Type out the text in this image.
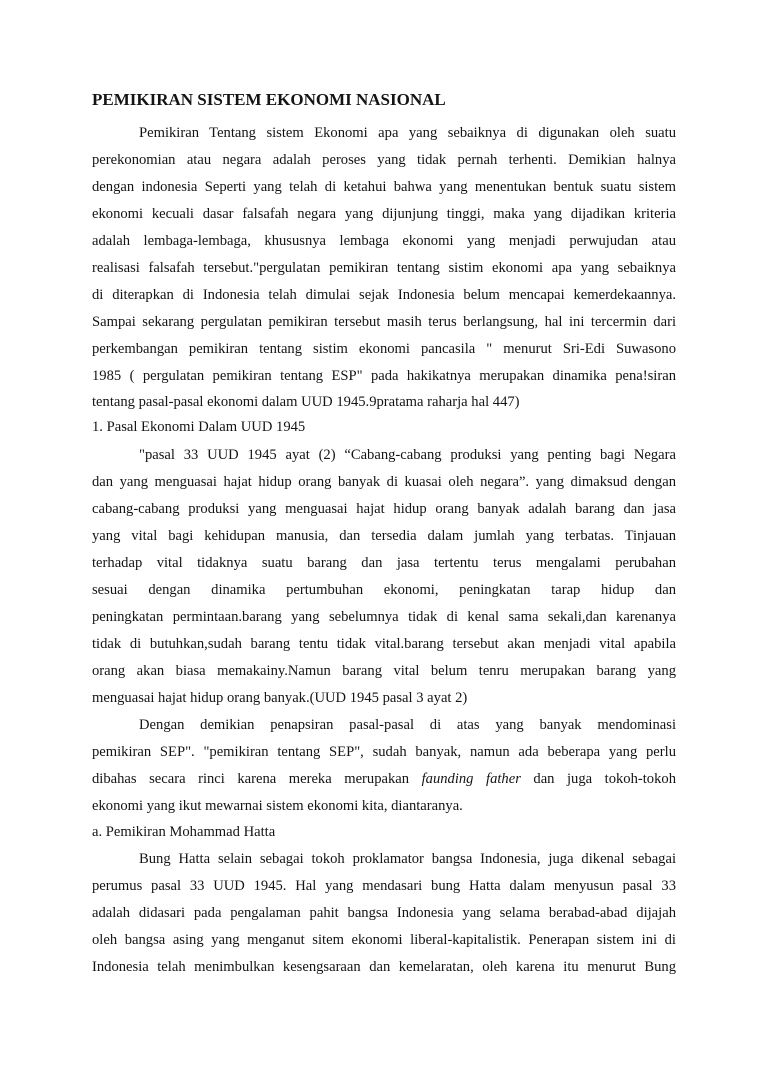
PEMIKIRAN SISTEM EKONOMI NASIONAL
Pemikiran Tentang sistem Ekonomi apa yang sebaiknya di digunakan oleh suatu
perekonomian atau negara adalah peroses yang tidak pernah terhenti. Demikian halnya
dengan indonesia Seperti yang telah di ketahui bahwa yang menentukan bentuk suatu sistem
ekonomi kecuali dasar falsafah negara yang dijunjung tinggi, maka yang dijadikan kriteria
adalah lembaga-lembaga, khususnya lembaga ekonomi yang menjadi perwujudan atau
realisasi falsafah tersebut."pergulatan pemikiran tentang sistim ekonomi apa yang sebaiknya
di diterapkan di Indonesia telah dimulai sejak Indonesia belum mencapai kemerdekaannya.
Sampai sekarang pergulatan pemikiran tersebut masih terus berlangsung, hal ini tercermin dari
perkembangan pemikiran tentang sistim ekonomi pancasila " menurut Sri-Edi Suwasono
1985 ( pergulatan pemikiran tentang ESP" pada hakikatnya merupakan dinamika pena!siran
tentang pasal-pasal ekonomi dalam UUD 1945.9pratama raharja hal 447)
1. Pasal Ekonomi Dalam UUD 1945
"pasal 33 UUD 1945 ayat (2) “Cabang-cabang produksi yang penting bagi Negara
dan yang menguasai hajat hidup orang banyak di kuasai oleh negara”. yang dimaksud dengan
cabang-cabang produksi yang menguasai hajat hidup orang banyak adalah barang dan jasa
yang vital bagi kehidupan manusia, dan tersedia dalam jumlah yang terbatas. Tinjauan
terhadap vital tidaknya suatu barang dan jasa tertentu terus mengalami perubahan
sesuai dengan dinamika pertumbuhan ekonomi, peningkatan tarap hidup dan
peningkatan permintaan.barang yang sebelumnya tidak di kenal sama sekali,dan karenanya
tidak di butuhkan,sudah barang tentu tidak vital.barang tersebut akan menjadi vital apabila
orang akan biasa memakainy.Namun barang vital belum tenru merupakan barang yang
menguasai hajat hidup orang banyak.(UUD 1945 pasal 3 ayat 2)
Dengan demikian penapsiran pasal-pasal di atas yang banyak mendominasi
pemikiran SEP". "pemikiran tentang SEP", sudah banyak, namun ada beberapa yang perlu
dibahas secara rinci karena mereka merupakan faunding father dan juga tokoh-tokoh
ekonomi yang ikut mewarnai sistem ekonomi kita, diantaranya.
a. Pemikiran Mohammad Hatta
Bung Hatta selain sebagai tokoh proklamator bangsa Indonesia, juga dikenal sebagai
perumus pasal 33 UUD 1945. Hal yang mendasari bung Hatta dalam menyusun pasal 33
adalah didasari pada pengalaman pahit bangsa Indonesia yang selama berabad-abad dijajah
oleh bangsa asing yang menganut sitem ekonomi liberal-kapitalistik. Penerapan sistem ini di
Indonesia telah menimbulkan kesengsaraan dan kemelaratan, oleh karena itu menurut Bung
